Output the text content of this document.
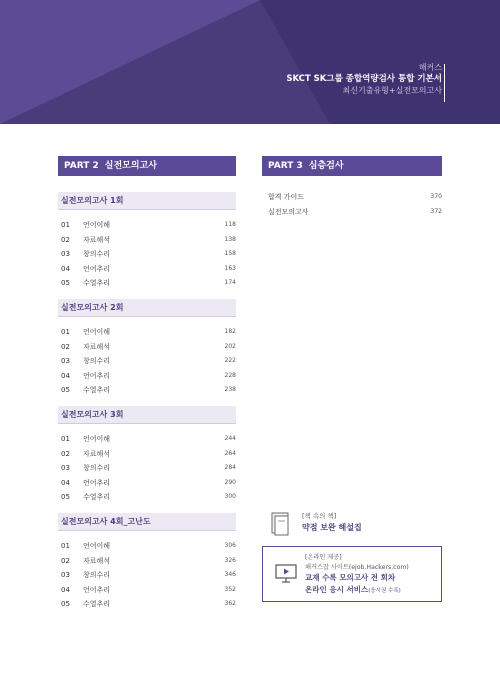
해커스
SKCT SK그룹 종합역량검사 통합 기본서
최신기출유형+실전모의고사
PART 2 실전모의고사
실전모의고사 1회
01	언어이해	118
02	자료해석	138
03	창의수리	158
04	언어추리	163
05	수열추리	174
실전모의고사 2회
01	언어이해	182
02	자료해석	202
03	창의수리	222
04	언어추리	228
05	수열추리	238
실전모의고사 3회
01	언어이해	244
02	자료해석	264
03	창의수리	284
04	언어추리	290
05	수열추리	300
실전모의고사 4회_고난도
01	언어이해	306
02	자료해석	326
03	창의수리	346
04	언어추리	352
05	수열추리	362
PART 3 심층검사
합격 가이드	370
실전모의고사	372
[책 속의 책]
약점 보완 해설집
[온라인 제공]
해커스잡 사이트(ejob.Hackers.com)
교재 수록 모의고사 전 회차
온라인 응시 서비스(응시권 수록)
